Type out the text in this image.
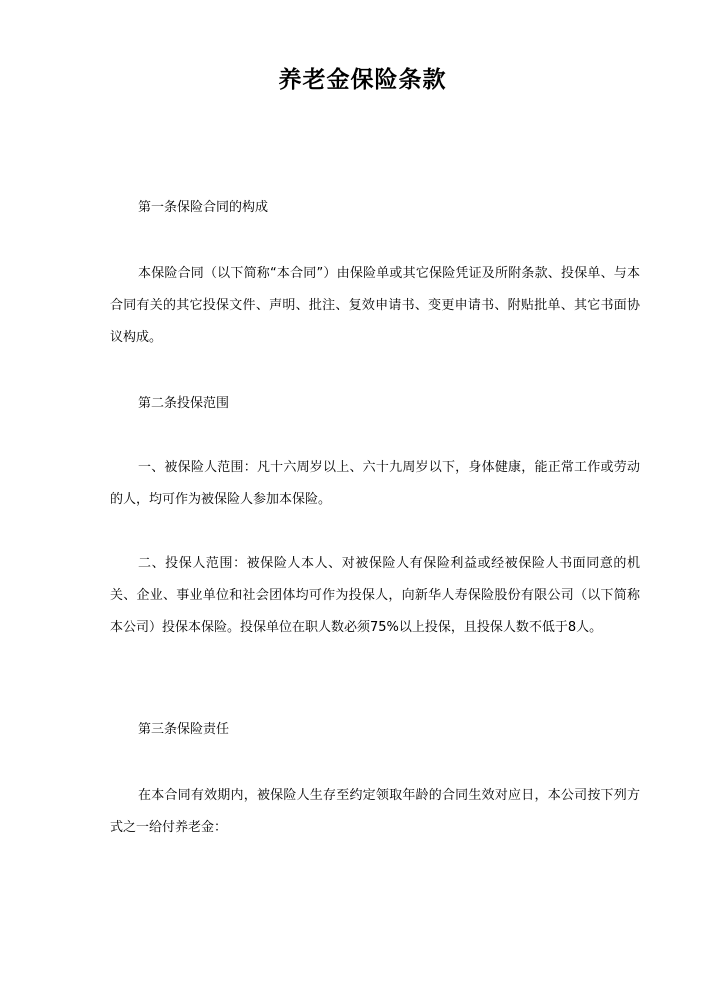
养老金保险条款

第一条保险合同的构成

本保险合同（以下简称“本合同”）由保险单或其它保险凭证及所附条款、投保单、与本合同有关的其它投保文件、声明、批注、复效申请书、变更申请书、附贴批单、其它书面协议构成。

第二条投保范围

一、被保险人范围：凡十六周岁以上、六十九周岁以下，身体健康，能正常工作或劳动的人，均可作为被保险人参加本保险。

二、投保人范围：被保险人本人、对被保险人有保险利益或经被保险人书面同意的机关、企业、事业单位和社会团体均可作为投保人，向新华人寿保险股份有限公司（以下简称本公司）投保本保险。投保单位在职人数必须75%以上投保，且投保人数不低于8人。

第三条保险责任

在本合同有效期内，被保险人生存至约定领取年龄的合同生效对应日，本公司按下列方式之一给付养老金：
